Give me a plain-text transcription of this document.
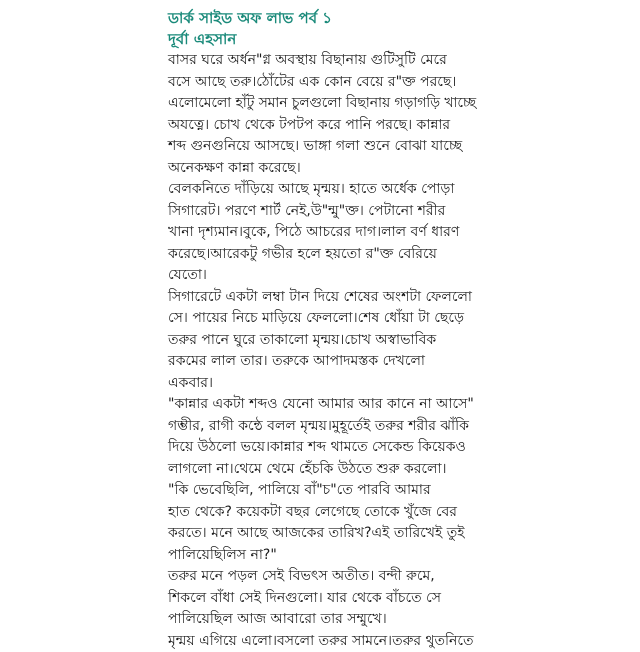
ডার্ক সাইড অফ লাভ পর্ব ১
দূর্বা এহসান
বাসর ঘরে অর্ধন"গ্ন অবস্থায় বিছানায় গুটিসুটি মেরে
বসে আছে তরু।ঠোঁটের এক কোন বেয়ে র"ক্ত পরছে।
এলোমেলো হাঁটু সমান চুলগুলো বিছানায় গড়াগড়ি খাচ্ছে
অযত্নে। চোখ থেকে টপটপ করে পানি পরছে। কান্নার
শব্দ গুনগুনিয়ে আসছে। ভাঙ্গা গলা শুনে বোঝা যাচ্ছে
অনেকক্ষণ কান্না করেছে।
বেলকনিতে দাঁড়িয়ে আছে মৃন্ময়। হাতে অর্ধেক পোড়া
সিগারেট। পরণে শার্ট নেই,উ"ন্মু"ক্ত। পেটানো শরীর
খানা দৃশ্যমান।বুকে, পিঠে আচরের দাগ।লাল বর্ণ ধারণ
করেছে।আরেকটু গভীর হলে হয়তো র"ক্ত বেরিয়ে
যেতো।
সিগারেটে একটা লম্বা টান দিয়ে শেষের অংশটা ফেললো
সে। পায়ের নিচে মাড়িয়ে ফেললো।শেষ ধোঁয়া টা ছেড়ে
তরুর পানে ঘুরে তাকালো মৃন্ময়।চোখ অস্বাভাবিক
রকমের লাল তার। তরুকে আপাদমস্তক দেখলো
একবার।
"কান্নার একটা শব্দও যেনো আমার আর কানে না আসে"
গম্ভীর, রাগী কন্ঠে বলল মৃন্ময়।মুহূর্তেই তরুর শরীর ঝাঁকি
দিয়ে উঠলো ভয়ে।কান্নার শব্দ থামতে সেকেন্ড কিয়েকও
লাগলো না।থেমে থেমে হেঁচকি উঠতে শুরু করলো।
"কি ভেবেছিলি, পালিয়ে বাঁ"চ"তে পারবি আমার
হাত থেকে? কয়েকটা বছর লেগেছে তোকে খুঁজে বের
করতে। মনে আছে আজকের তারিখ?এই তারিখেই তুই
পালিয়েছিলিস না?"
তরুর মনে পড়ল সেই বিভৎস অতীত। বন্দী রুমে,
শিকলে বাঁধা সেই দিনগুলো। যার থেকে বাঁচতে সে
পালিয়েছিল আজ আবারো তার সম্মুখে।
মৃন্ময় এগিয়ে এলো।বসলো তরুর সামনে।তরুর থুতনিতে
